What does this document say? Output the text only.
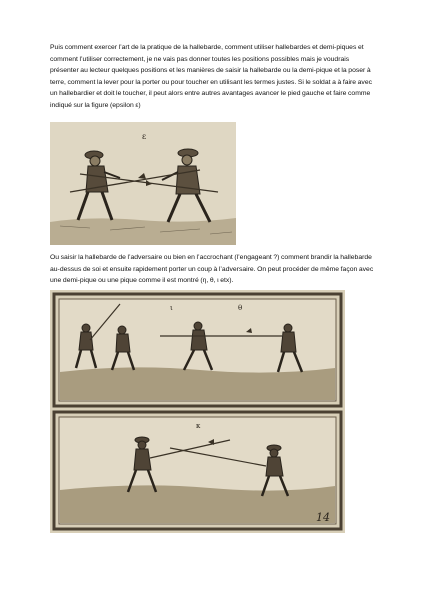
Puis comment exercer l’art de la pratique de la hallebarde, comment utiliser hallebardes et demi-piques et comment l’utiliser correctement, je ne vais pas donner toutes les positions possibles mais je voudrais présenter au lecteur quelques positions et les manières de saisir la hallebarde ou la demi-pique et la poser à terre, comment la lever pour la porter ou pour toucher en utilisant les termes justes. Si le soldat a à faire avec un hallebardier et doit le toucher, il peut alors entre autres avantages avancer le pied gauche et faire comme indiqué sur la figure (epsilon ε)

ε

Ou saisir la hallebarde de l’adversaire ou bien en l’accrochant (l’engageant ?) comment brandir la hallebarde au-dessus de soi et ensuite rapidement porter un coup à l’adversaire. On peut procéder de même façon avec une demi-pique ou une pique comme il est montré (η, θ, ι etx).

θ
ι
κ
14
